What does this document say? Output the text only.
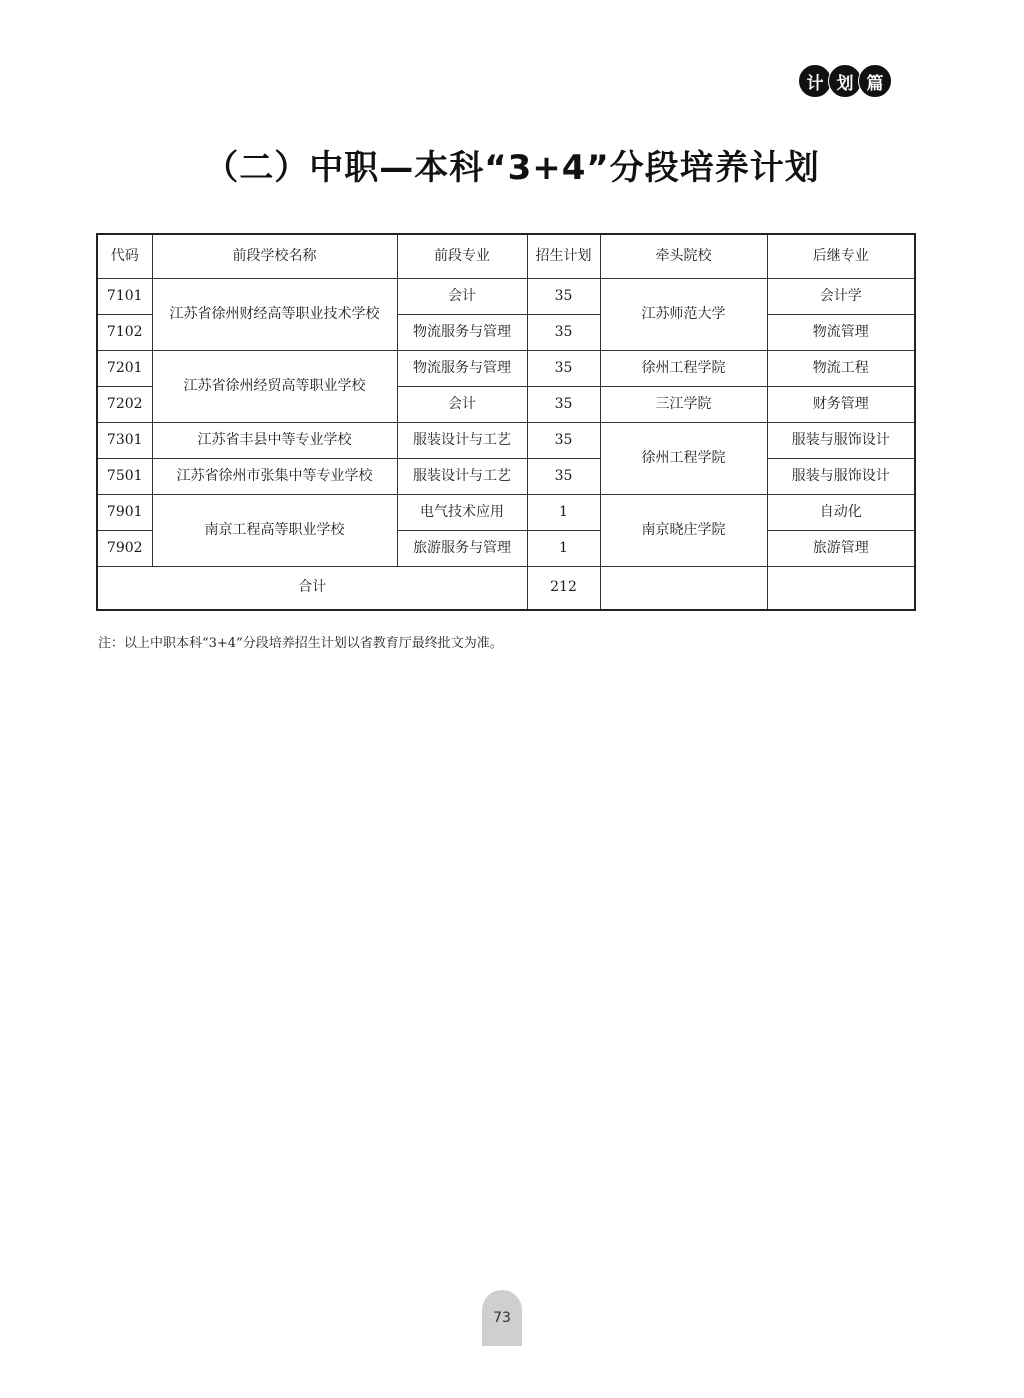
计 划 篇
（二）中职—本科“3+4”分段培养计划
代码	前段学校名称	前段专业	招生计划	牵头院校	后继专业
7101	江苏省徐州财经高等职业技术学校	会计	35	江苏师范大学	会计学
7102		物流服务与管理	35		物流管理
7201	江苏省徐州经贸高等职业学校	物流服务与管理	35	徐州工程学院	物流工程
7202		会计	35	三江学院	财务管理
7301	江苏省丰县中等专业学校	服装设计与工艺	35	徐州工程学院	服装与服饰设计
7501	江苏省徐州市张集中等专业学校	服装设计与工艺	35		服装与服饰设计
7901	南京工程高等职业学校	电气技术应用	1	南京晓庄学院	自动化
7902		旅游服务与管理	1		旅游管理
合计			212		
注：以上中职本科“3+4”分段培养招生计划以省教育厅最终批文为准。
73
